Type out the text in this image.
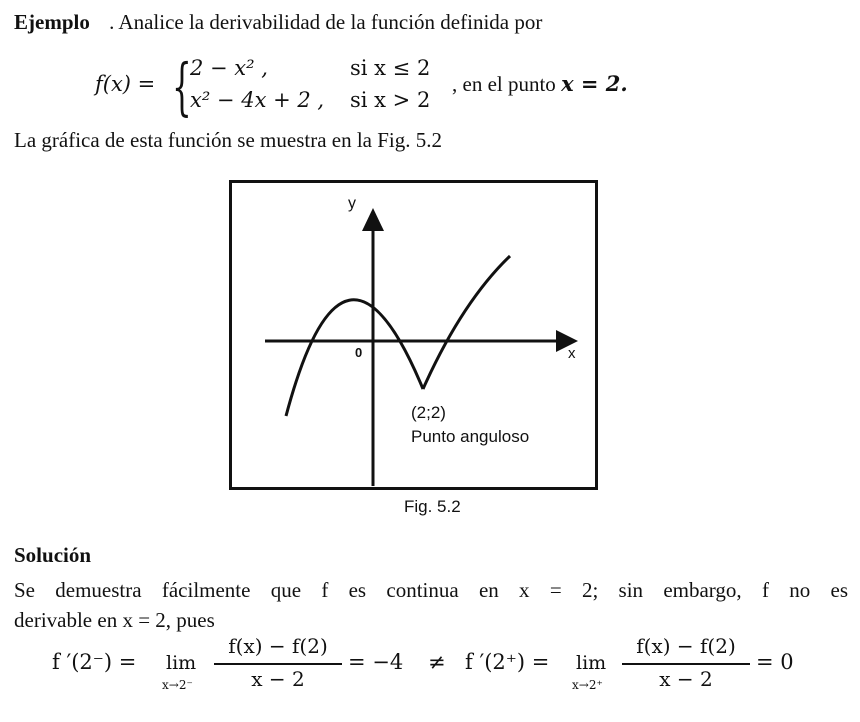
Ejemplo . Analice la derivabilidad de la función definida por
f(x) = {
2 − x² ,	si x ≤ 2
x² − 4x + 2 , si x > 2
, en el punto x = 2.
La gráfica de esta función se muestra en la Fig. 5.2
y
x
0
(2;2)
Punto anguloso
Fig. 5.2
Solución
Se demuestra fácilmente que f es continua en x = 2; sin embargo, f no es
derivable en x = 2, pues
f ′(2⁻) = lim
x→2⁻
f(x) − f(2)
x − 2
= −4 ≠ f ′(2⁺) = lim
x→2⁺
f(x) − f(2)
x − 2
= 0
